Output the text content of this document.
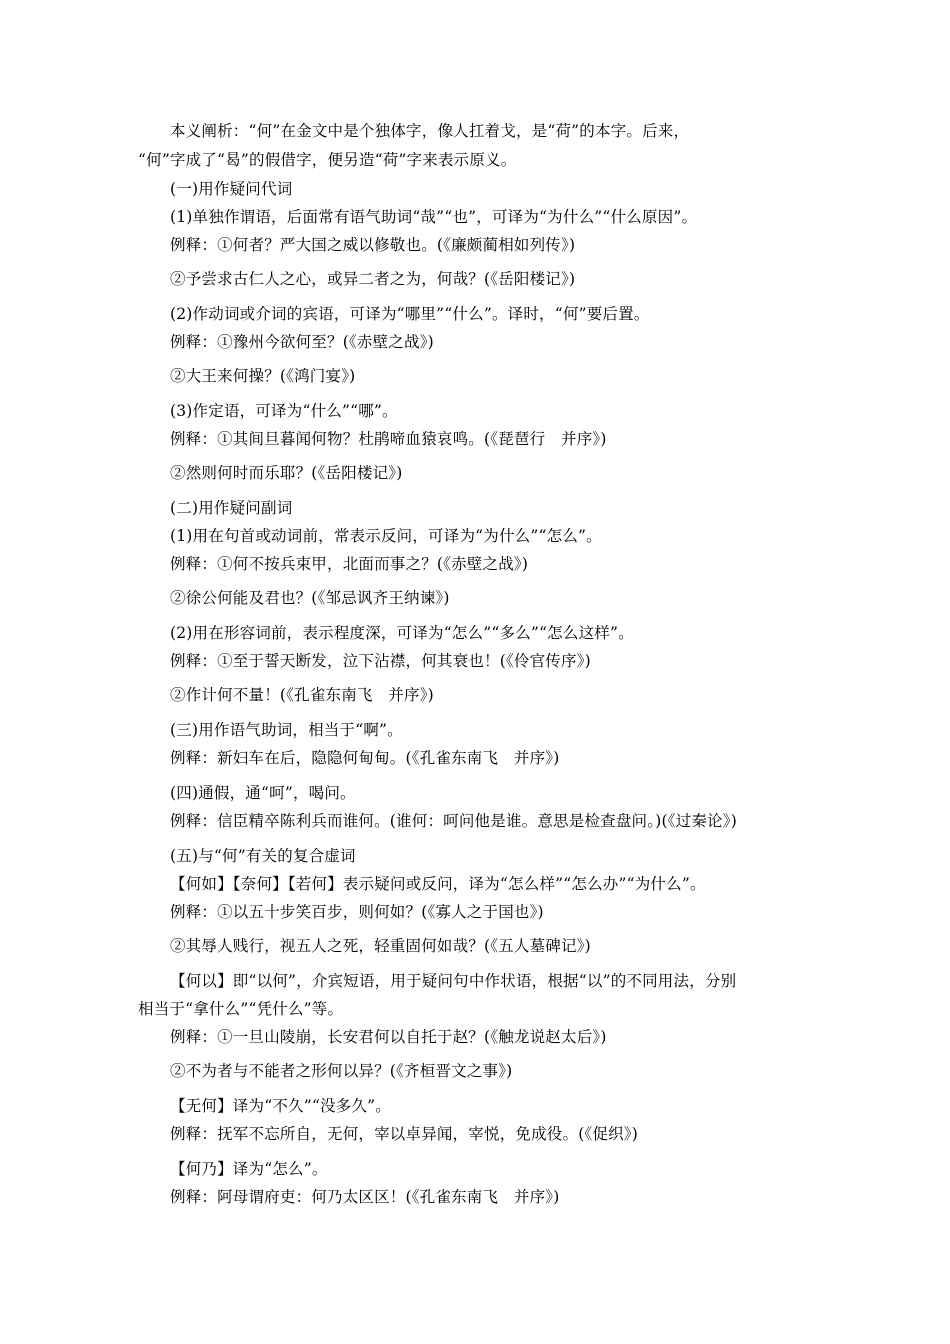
本义阐析：“何”在金文中是个独体字，像人扛着戈，是“荷”的本字。后来，
“何”字成了“曷”的假借字，便另造“荷”字来表示原义。
(一)用作疑问代词
(1)单独作谓语，后面常有语气助词“哉”“也”，可译为“为什么”“什么原因”。
例释：①何者？严大国之威以修敬也。(《廉颇蔺相如列传》)
②予尝求古仁人之心，或异二者之为，何哉？(《岳阳楼记》)
(2)作动词或介词的宾语，可译为“哪里”“什么”。译时，“何”要后置。
例释：①豫州今欲何至？(《赤壁之战》)
②大王来何操？(《鸿门宴》)
(3)作定语，可译为“什么”“哪”。
例释：①其间旦暮闻何物？杜鹃啼血猿哀鸣。(《琵琶行　并序》)
②然则何时而乐耶？(《岳阳楼记》)
(二)用作疑问副词
(1)用在句首或动词前，常表示反问，可译为“为什么”“怎么”。
例释：①何不按兵束甲，北面而事之？(《赤壁之战》)
②徐公何能及君也？(《邹忌讽齐王纳谏》)
(2)用在形容词前，表示程度深，可译为“怎么”“多么”“怎么这样”。
例释：①至于誓天断发，泣下沾襟，何其衰也！(《伶官传序》)
②作计何不量！(《孔雀东南飞　并序》)
(三)用作语气助词，相当于“啊”。
例释：新妇车在后，隐隐何甸甸。(《孔雀东南飞　并序》)
(四)通假，通“呵”，喝问。
例释：信臣精卒陈利兵而谁何。(谁何：呵问他是谁。意思是检查盘问。)(《过秦论》)
(五)与“何”有关的复合虚词
【何如】【奈何】【若何】表示疑问或反问，译为“怎么样”“怎么办”“为什么”。
例释：①以五十步笑百步，则何如？(《寡人之于国也》)
②其辱人贱行，视五人之死，轻重固何如哉？(《五人墓碑记》)
【何以】即“以何”，介宾短语，用于疑问句中作状语，根据“以”的不同用法，分别
相当于“拿什么”“凭什么”等。
例释：①一旦山陵崩，长安君何以自托于赵？(《触龙说赵太后》)
②不为者与不能者之形何以异？(《齐桓晋文之事》)
【无何】译为“不久”“没多久”。
例释：抚军不忘所自，无何，宰以卓异闻，宰悦，免成役。(《促织》)
【何乃】译为“怎么”。
例释：阿母谓府吏：何乃太区区！(《孔雀东南飞　并序》)
